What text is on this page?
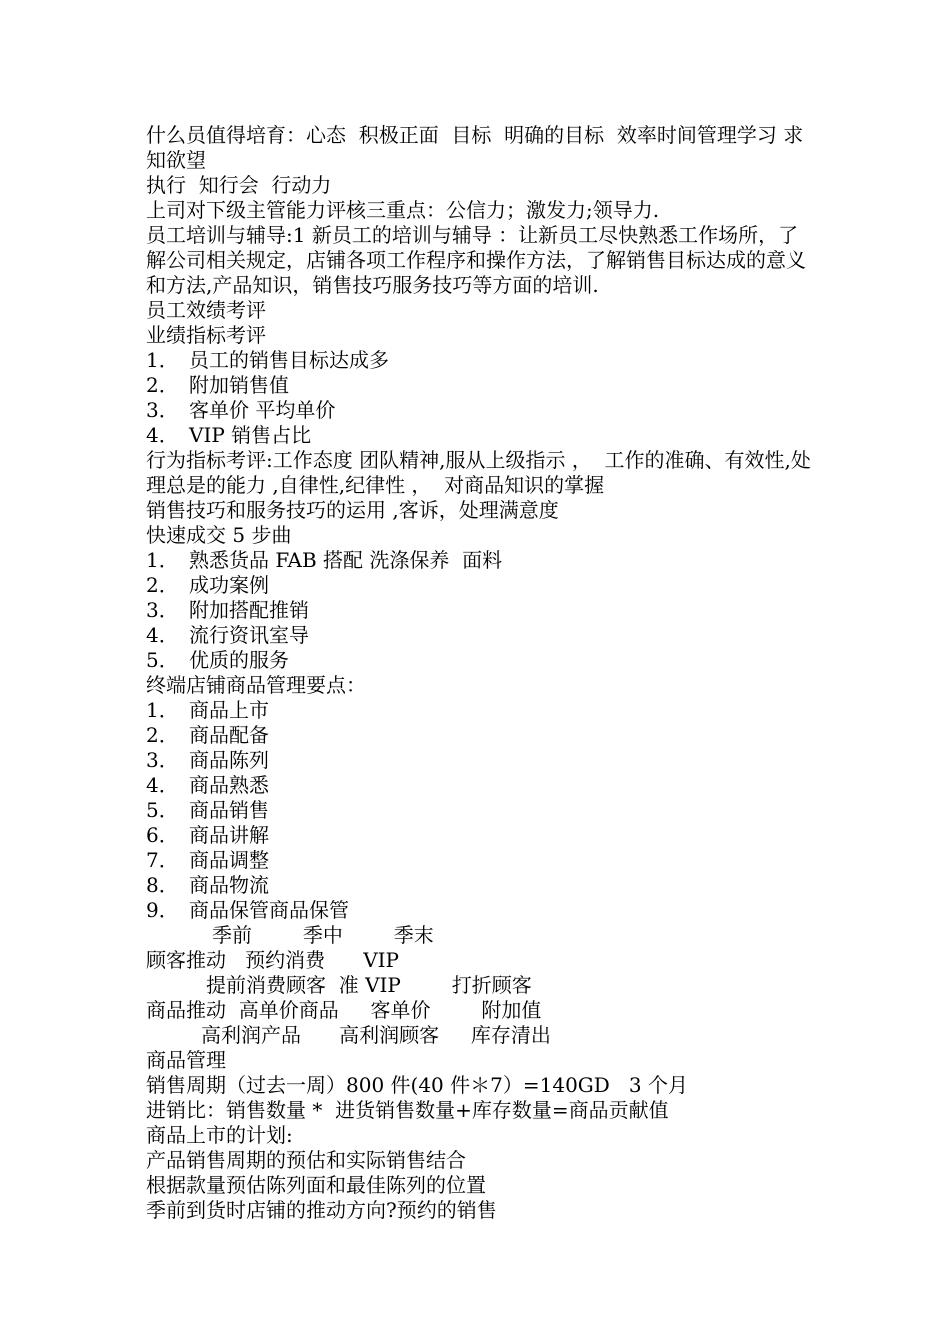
什么员值得培育：心态  积极正面  目标  明确的目标  效率时间管理学习 求知欲望

执行  知行会  行动力

上司对下级主管能力评核三重点：公信力；激发力;领导力.

员工培训与辅导:1 新员工的培训与辅导 ：让新员工尽快熟悉工作场所，了解公司相关规定，店铺各项工作程序和操作方法，了解销售目标达成的意义和方法,产品知识，销售技巧服务技巧等方面的培训.

员工效绩考评

业绩指标考评

1． 员工的销售目标达成多
2． 附加销售值
3． 客单价 平均单价
4． VIP 销售占比

行为指标考评:工作态度 团队精神,服从上级指示 ，  工作的准确、有效性,处理总是的能力 ,自律性,纪律性 ，  对商品知识的掌握

销售技巧和服务技巧的运用 ,客诉，处理满意度

快速成交 5 步曲

1． 熟悉货品 FAB 搭配 洗涤保养  面料
2． 成功案例
3． 附加搭配推销
4． 流行资讯室导
5． 优质的服务

终端店铺商品管理要点：

1． 商品上市
2． 商品配备
3． 商品陈列
4． 商品熟悉
5． 商品销售
6． 商品讲解
7． 商品调整
8． 商品物流
9． 商品保管商品保管
季前        季中        季末

顾客推动   预约消费      VIP

提前消费顾客  准 VIP        打折顾客

商品推动  高单价商品     客单价        附加值

高利润产品      高利润顾客     库存清出

商品管理

销售周期（过去一周）800 件(40 件＊7）=140GD   3 个月

进销比：销售数量 *  进货销售数量+库存数量=商品贡献值

商品上市的计划:

产品销售周期的预估和实际销售结合

根据款量预估陈列面和最佳陈列的位置

季前到货时店铺的推动方向?预约的销售
